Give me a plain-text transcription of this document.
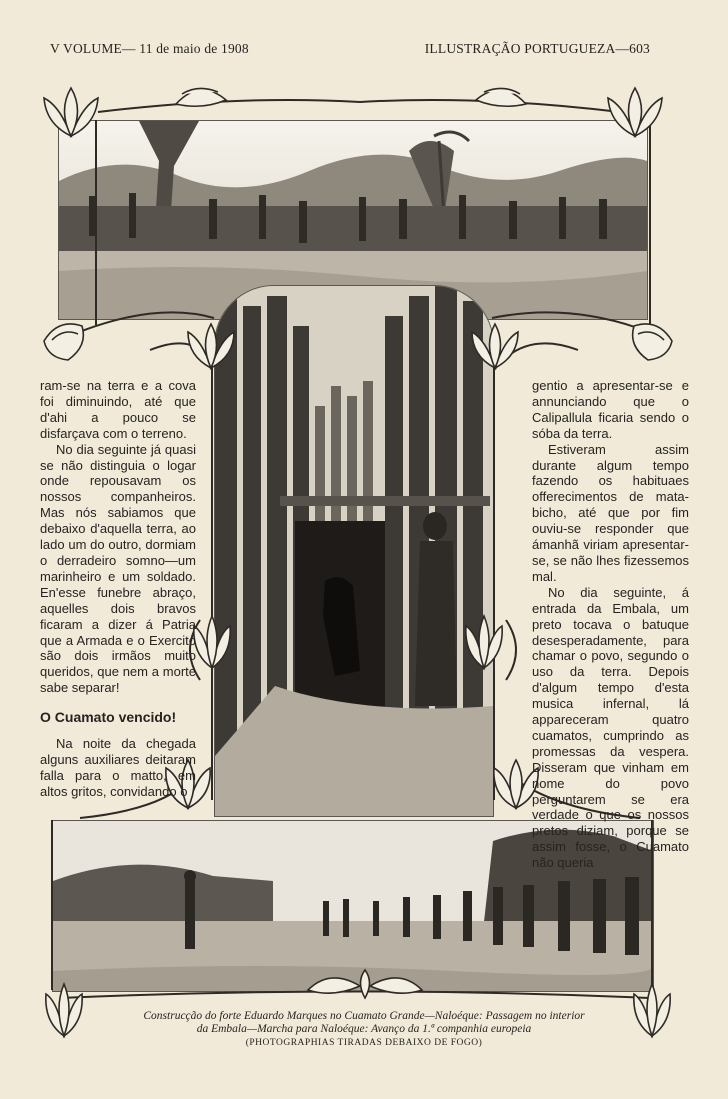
V VOLUME— 11 de maio de 1908	ILLUSTRAÇÃO PORTUGUEZA—603

ram-se na terra e a cova foi diminuindo, até que d'ahi a pouco se disfarçava com o terreno.

No dia seguinte já quasi se não distinguia o logar onde repousavam os nossos companheiros. Mas nós sabiamos que debaixo d'aquella terra, ao lado um do outro, dormiam o derradeiro somno—um marinheiro e um soldado. En'esse funebre abraço, aquelles dois bravos ficaram a dizer á Patria que a Armada e o Exercito são dois irmãos muito queridos, que nem a morte sabe separar!

O Cuamato vencido!

Na noite da chegada alguns auxiliares deitaram falla para o matto, em altos gritos, convidando o

gentio a apresentar-se e annunciando que o Calipallula ficaria sendo o sóba da terra.

Estiveram assim durante algum tempo fazendo os habituaes offerecimentos de mata-bicho, até que por fim ouviu-se responder que ámanhã viriam apresentar-se, se não lhes fizessemos mal.

No dia seguinte, á entrada da Embala, um preto tocava o batuque desesperadamente, para chamar o povo, segundo o uso da terra. Depois d'algum tempo d'esta musica infernal, lá appareceram quatro cuamatos, cumprindo as promessas da vespera. Disseram que vinham em nome do povo perguntarem se era verdade o que os nossos pretos diziam, porque se assim fosse, o Cuamato não queria

Construcção do forte Eduardo Marques no Cuamato Grande—Naloéque: Passagem no interior
da Embala—Marcha para Naloéque: Avanço da 1.ª companhia europeia
(PHOTOGRAPHIAS TIRADAS DEBAIXO DE FOGO)
